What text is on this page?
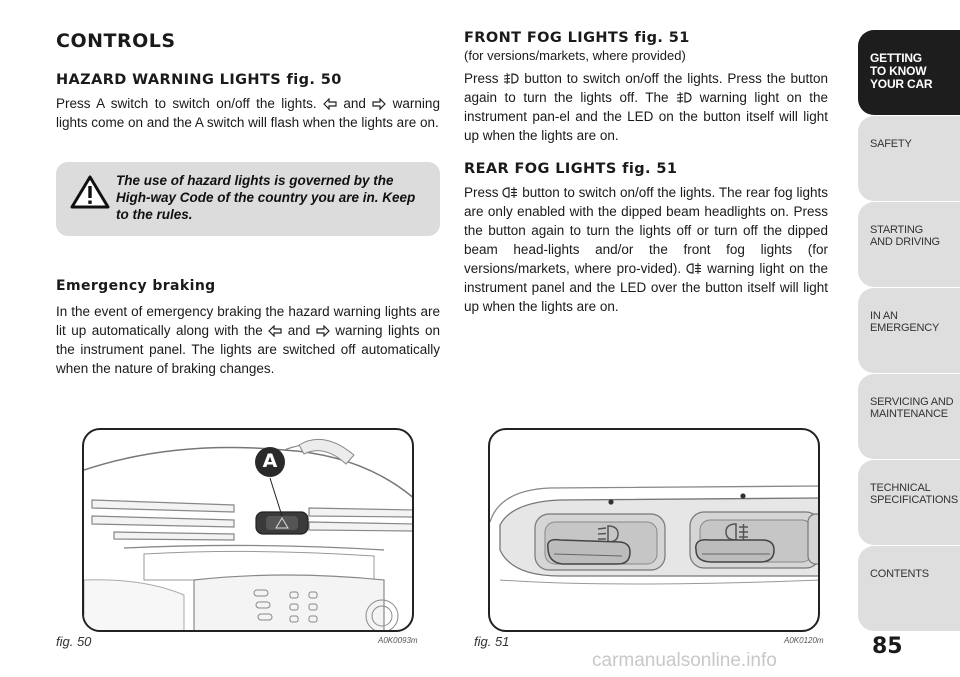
CONTROLS
HAZARD WARNING LIGHTS fig. 50

Press A switch to switch on/off the lights. and warning lights come on and the A switch will flash when the lights are on.

The use of hazard lights is governed by the High-way Code of the country you are in. Keep to the rules.
Emergency braking

In the event of emergency braking the hazard warning lights are lit up automatically along with the and warning lights on the instrument panel. The lights are switched off automatically when the nature of braking changes.

FRONT FOG LIGHTS fig. 51
(for versions/markets, where provided)

Press button to switch on/off the lights. Press the button again to turn the lights off. The warning light on the instrument pan-el and the LED on the button itself will light up when the lights are on.

REAR FOG LIGHTS fig. 51

Press button to switch on/off the lights. The rear fog lights are only enabled with the dipped beam headlights on. Press the button again to turn the lights off or turn off the dipped beam head-lights and/or the front fog lights (for versions/markets, where pro-vided). warning light on the instrument panel and the LED over the button itself will light up when the lights are on.

A
fig. 50	A0K0093m	fig. 51	A0K0120m 85
GETTING
TO KNOW
YOUR CAR
SAFETY
STARTING
AND DRIVING
IN AN
EMERGENCY
SERVICING AND
MAINTENANCE
TECHNICAL
SPECIFICATIONS
CONTENTS
carmanualsonline.info
